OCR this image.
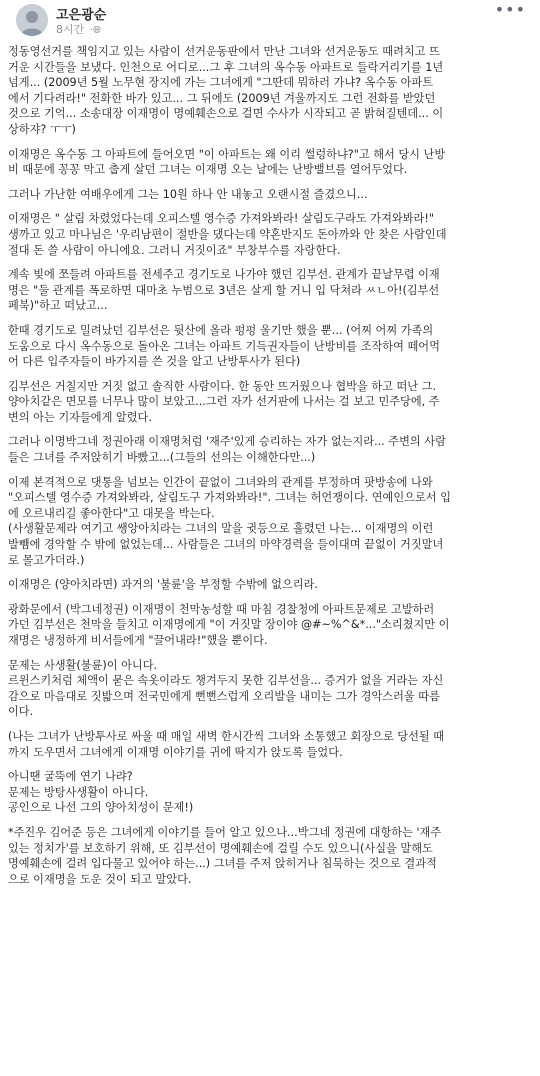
고은광순
8시간 ·🌐︎
•••

정동영선거를 책임지고 있는 사람이 선거운동판에서 만난 그녀와 선거운동도 때려치고 뜨
거운 시간들을 보냈다. 인천으로 어디로...그 후 그녀의 옥수동 아파트로 들락거리기를 1년
넘게... (2009년 5월 노무현 장지에 가는 그녀에게 "그딴데 뭐하러 가냐? 옥수동 아파트
에서 기다려라!" 전화한 바가 있고... 그 뒤에도 (2009년 겨울까지도 그런 전화를 받았던
것으로 기억... 소송대장 이재명이 명예훼손으로 걸면 수사가 시작되고 곧 밝혀질텐데... 이
상하쟈? ㅜㅜ)

이재명은 옥수동 그 아파트에 들어오면 "이 아파트는 왜 이리 썰렁하냐?"고 해서 당시 난방
비 때문에 꽁꽁 막고 춥게 살던 그녀는 이재명 오는 날에는 난방밸브를 열어두었다.

그러나 가난한 여배우에게 그는 10원 하나 안 내놓고 오랜시절 즐겼으니...

이재명은 " 살림 차렸었다는데 오피스텔 영수증 가져와봐라! 살림도구라도 가져와봐라!"
생까고 있고 마나님은 '우리남편이 절반을 댔다는데 약혼반지도 돈아까와 안 찾은 사람인데
절대 돈 쓸 사람이 아니에요. 그러니 거짓이죠" 부창부수를 자랑한다.

계속 빚에 쪼들려 아파트를 전세주고 경기도로 나가야 했던 김부선. 관계가 끝날무렵 이재
명은 "둘 관계를 폭로하면 대마초 누범으로 3년은 살게 할 거니 입 닥쳐라 ㅆㄴ아!(김부선
페북)"하고 떠났고...

한때 경기도로 밀려났던 김부선은 뒷산에 올라 펑펑 울기만 했을 뿐... (어찌 어찌 가족의
도움으로 다시 옥수동으로 돌아온 그녀는 아파트 기득권자들이 난방비를 조작하여 떼어먹
어 다른 입주자들이 바가지를 쓴 것을 알고 난방투사가 된다)

김부선은 거칠지만 거짓 없고 솔직한 사람이다. 한 동안 뜨거웠으나 협박을 하고 떠난 그.
양아치같은 면모를 너무나 많이 보았고...그런 자가 선거판에 나서는 걸 보고 민주당에, 주
변의 아는 기자들에게 알렸다.

그러나 이명박그네 정권아래 이재명처럼 '재주'있게 승리하는 자가 없는지라... 주변의 사람
들은 그녀를 주저앉히기 바빴고...(그들의 선의는 이해한다만...)

이제 본격적으로 댓통을 넘보는 인간이 끝없이 그녀와의 관계를 부정하며 팟방송에 나와
"오피스텔 영수증 가져와봐라, 살림도구 가져와봐라!". 그녀는 허언쟁이다. 연예인으로서 입
에 오르내리길 좋아한다"고 대못을 박는다.
(사생활문제라 여기고 쌩앙아치라는 그녀의 말을 귓등으로 흘렸던 나는... 이재명의 이런
발뺌에 경악할 수 밖에 없었는데... 사람들은 그녀의 마약경력을 들이대며 끝없이 거짓말녀
로 몰고가더라.)

이재명은 (양아치라면) 과거의 '불륜'을 부정할 수밖에 없으리라.

광화문에서 (박그네정권) 이재명이 천막농성할 때 마침 경찰청에 아파트문제로 고발하러
가던 김부선은 천막을 들치고 이재명에게 "이 거짓말 장이야 @#~%^&*..."소리쳤지만 이
재명은 냉정하게 비서들에게 "끌어내라!"했을 뿐이다.

문제는 사생활(불륜)이 아니다.
르윈스키처럼 체액이 묻은 속옷이라도 챙겨두지 못한 김부선을... 증거가 없을 거라는 자신
감으로 마음대로 짓밟으며 전국민에게 뻔뻔스럽게 오리발을 내미는 그가 경악스러울 따름
이다.

(나는 그녀가 난방투사로 싸울 때 매일 새벽 한시간씩 그녀와 소통했고 회장으로 당선될 때
까지 도우면서 그녀에게 이재명 이야기를 귀에 딱지가 앉도록 들었다.

아니땐 굴뚝에 연기 나랴?
문제는 방탕사생활이 아니다.
공인으로 나선 그의 양아치성이 문제!)

*주진우 김어준 등은 그녀에게 이야기를 들어 알고 있으나...박그네 정권에 대항하는 '재주
있는 정치가'를 보호하기 위해, 또 김부선이 명예훼손에 걸릴 수도 있으니(사실을 말해도
명예훼손에 걸려 입다물고 있어야 하는...) 그녀를 주저 앉히거나 침묵하는 것으로 결과적
으로 이재명을 도운 것이 되고 말았다.
